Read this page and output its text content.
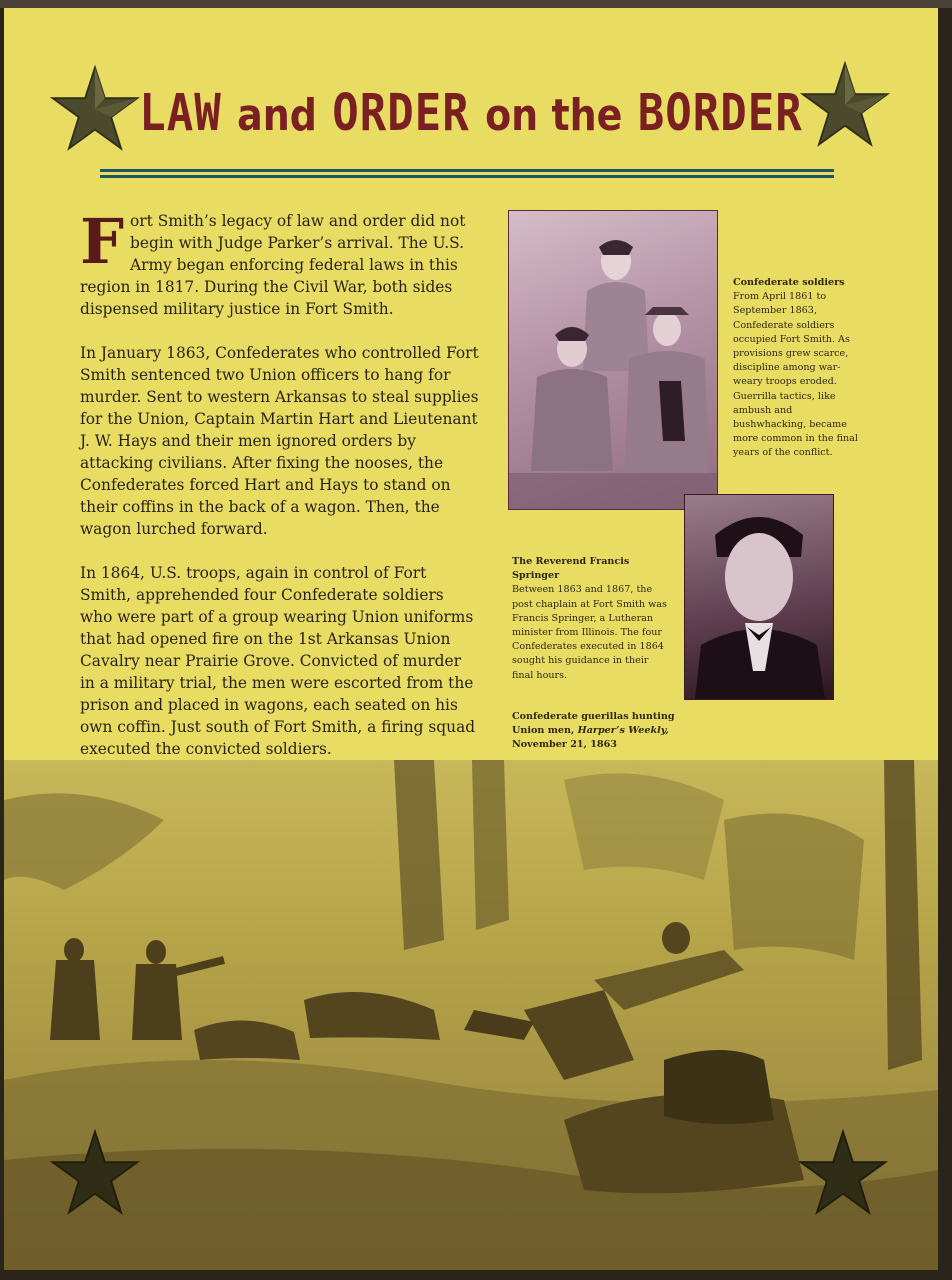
LAW and ORDER on the BORDER

F ort Smith’s legacy of law and order did not begin with Judge Parker’s arrival. The U.S. Army began enforcing federal laws in this region in 1817. During the Civil War, both sides dispensed military justice in Fort Smith.

In January 1863, Confederates who controlled Fort Smith sentenced two Union officers to hang for murder. Sent to western Arkansas to steal supplies for the Union, Captain Martin Hart and Lieutenant J. W. Hays and their men ignored orders by attacking civilians. After fixing the nooses, the Confederates forced Hart and Hays to stand on their coffins in the back of a wagon. Then, the wagon lurched forward.

In 1864, U.S. troops, again in control of Fort Smith, apprehended four Confederate soldiers who were part of a group wearing Union uniforms that had opened fire on the 1st Arkansas Union Cavalry near Prairie Grove. Convicted of murder in a military trial, the men were escorted from the prison and placed in wagons, each seated on his own coffin. Just south of Fort Smith, a firing squad executed the convicted soldiers.

Confederate soldiers
From April 1861 to September 1863, Confederate soldiers occupied Fort Smith. As provisions grew scarce, discipline among war-weary troops eroded. Guerrilla tactics, like ambush and bushwhacking, became more common in the final years of the conflict.
The Reverend Francis Springer
Between 1863 and 1867, the post chaplain at Fort Smith was Francis Springer, a Lutheran minister from Illinois. The four Confederates executed in 1864 sought his guidance in their final hours.
Confederate guerillas hunting
Union men, Harper’s Weekly,
November 21, 1863
